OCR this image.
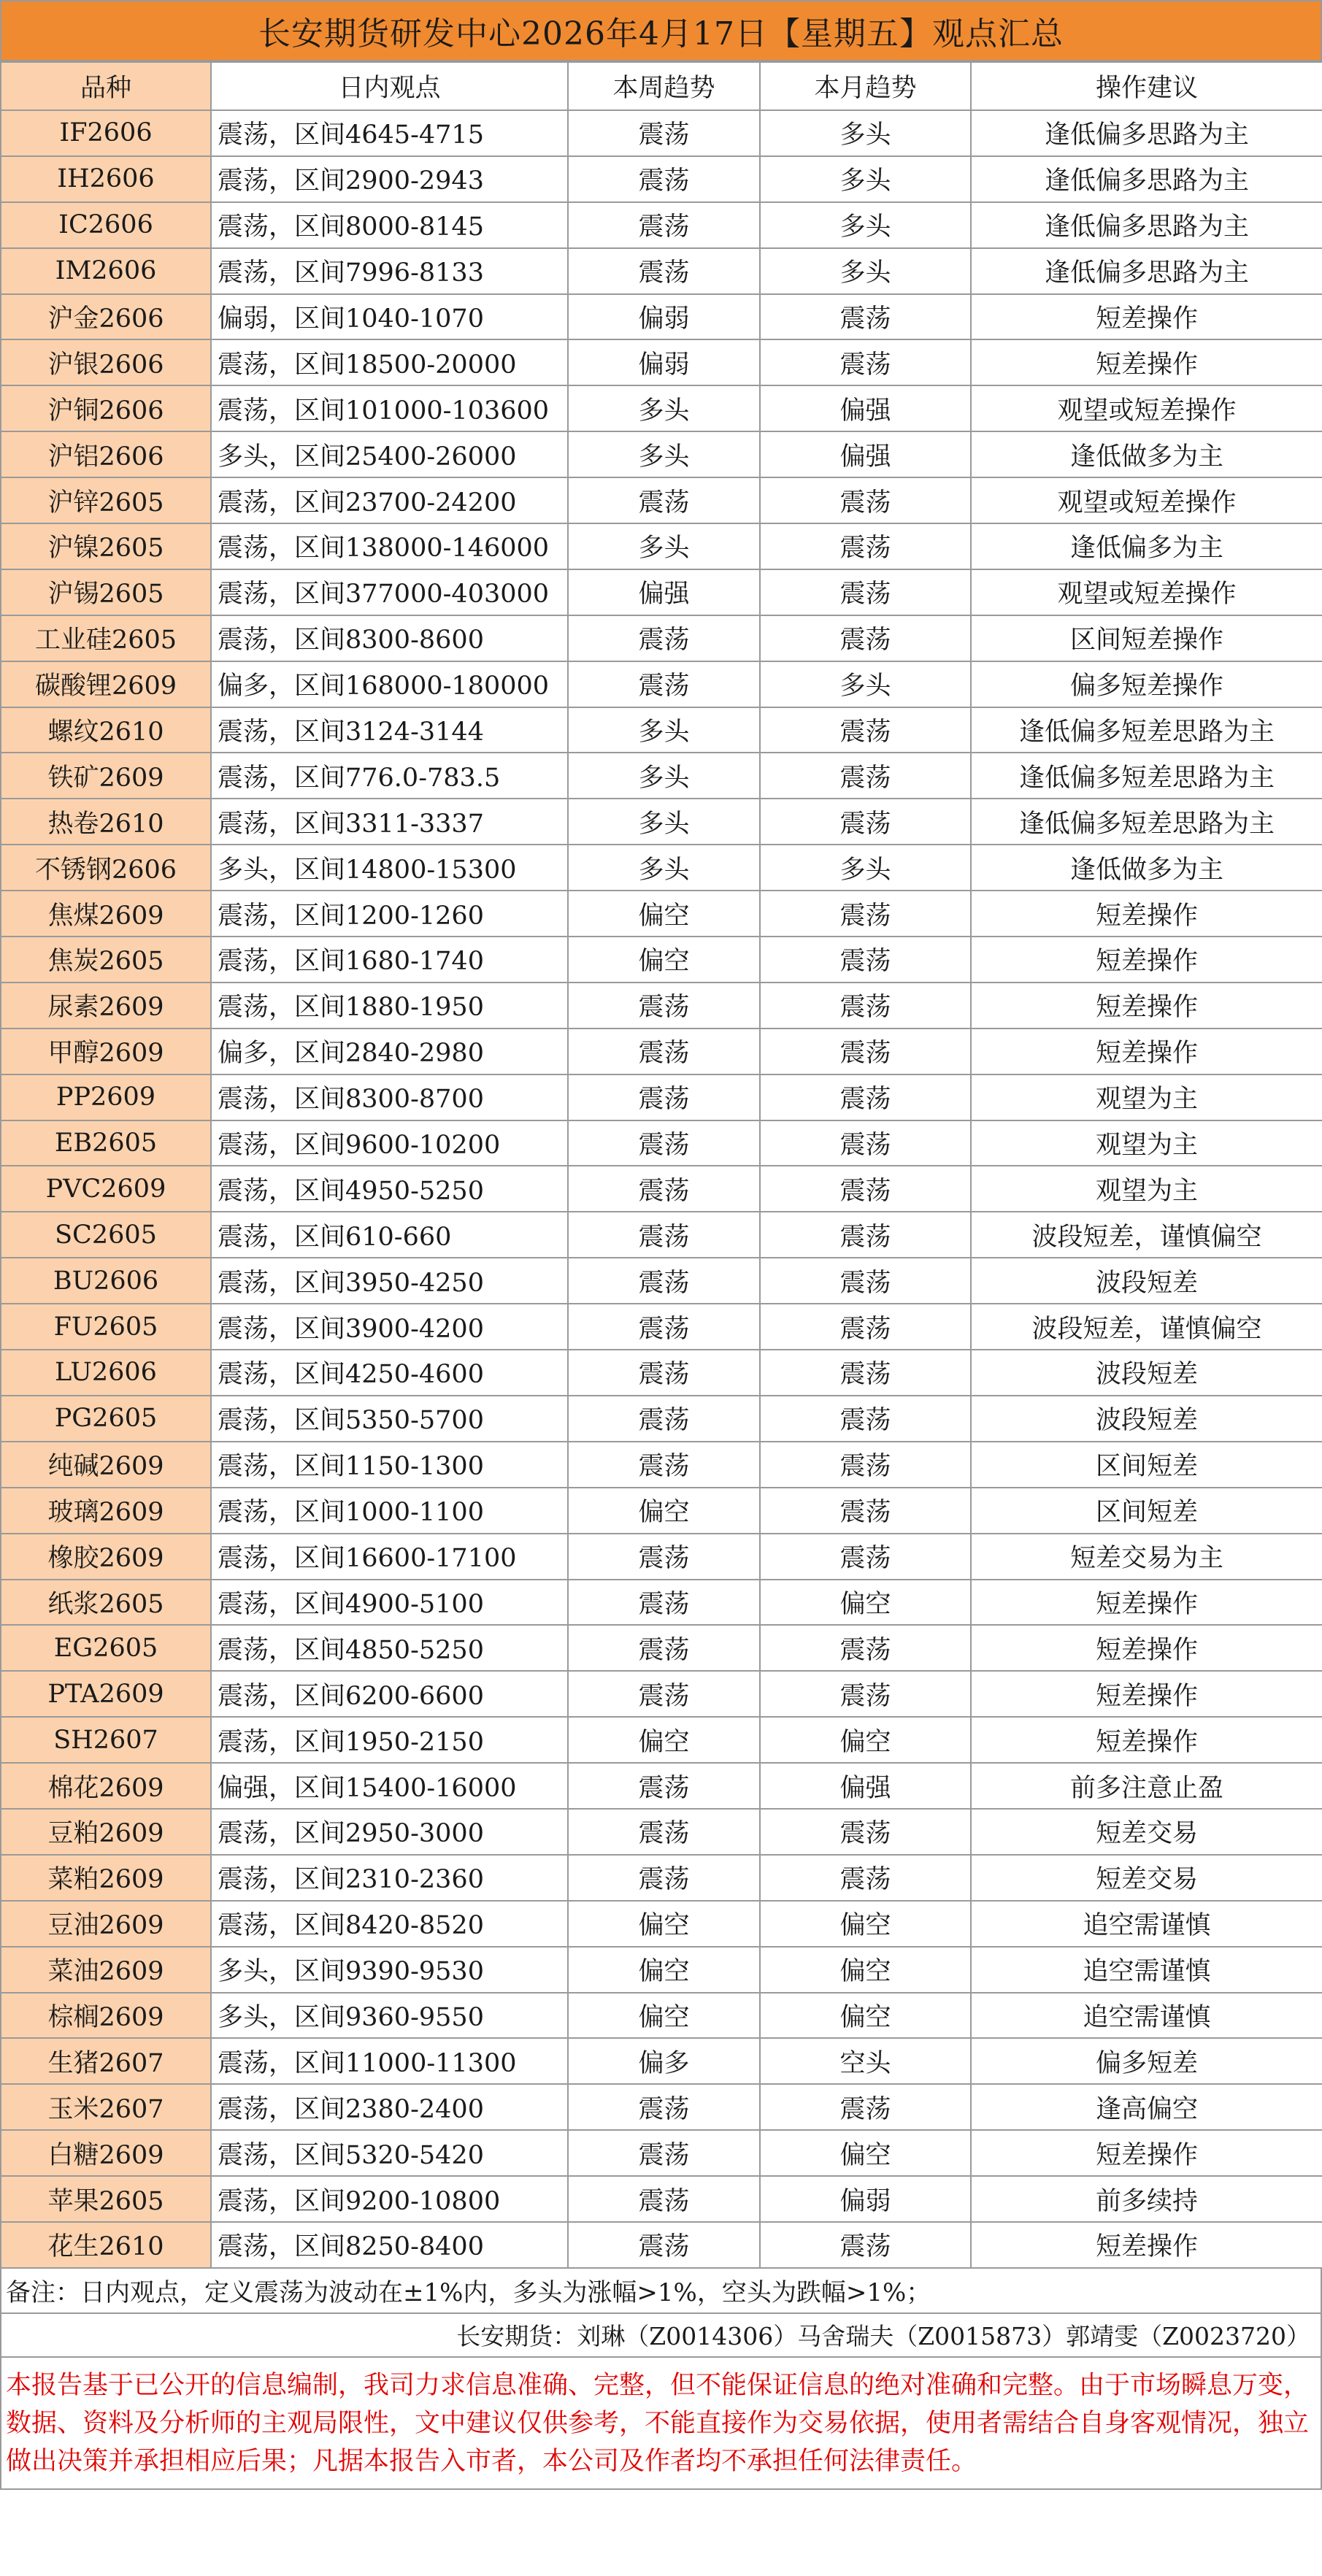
长安期货研发中心2026年4月17日【星期五】观点汇总
品种	日内观点	本周趋势	本月趋势	操作建议
IF2606	震荡，区间4645-4715	震荡	多头	逢低偏多思路为主
IH2606	震荡，区间2900-2943	震荡	多头	逢低偏多思路为主
IC2606	震荡，区间8000-8145	震荡	多头	逢低偏多思路为主
IM2606	震荡，区间7996-8133	震荡	多头	逢低偏多思路为主
沪金2606	偏弱，区间1040-1070	偏弱	震荡	短差操作
沪银2606	震荡，区间18500-20000	偏弱	震荡	短差操作
沪铜2606	震荡，区间101000-103600	多头	偏强	观望或短差操作
沪铝2606	多头，区间25400-26000	多头	偏强	逢低做多为主
沪锌2605	震荡，区间23700-24200	震荡	震荡	观望或短差操作
沪镍2605	震荡，区间138000-146000	多头	震荡	逢低偏多为主
沪锡2605	震荡，区间377000-403000	偏强	震荡	观望或短差操作
工业硅2605	震荡，区间8300-8600	震荡	震荡	区间短差操作
碳酸锂2609	偏多，区间168000-180000	震荡	多头	偏多短差操作
螺纹2610	震荡，区间3124-3144	多头	震荡	逢低偏多短差思路为主
铁矿2609	震荡，区间776.0-783.5	多头	震荡	逢低偏多短差思路为主
热卷2610	震荡，区间3311-3337	多头	震荡	逢低偏多短差思路为主
不锈钢2606	多头，区间14800-15300	多头	多头	逢低做多为主
焦煤2609	震荡，区间1200-1260	偏空	震荡	短差操作
焦炭2605	震荡，区间1680-1740	偏空	震荡	短差操作
尿素2609	震荡，区间1880-1950	震荡	震荡	短差操作
甲醇2609	偏多，区间2840-2980	震荡	震荡	短差操作
PP2609	震荡，区间8300-8700	震荡	震荡	观望为主
EB2605	震荡，区间9600-10200	震荡	震荡	观望为主
PVC2609	震荡，区间4950-5250	震荡	震荡	观望为主
SC2605	震荡，区间610-660	震荡	震荡	波段短差，谨慎偏空
BU2606	震荡，区间3950-4250	震荡	震荡	波段短差
FU2605	震荡，区间3900-4200	震荡	震荡	波段短差，谨慎偏空
LU2606	震荡，区间4250-4600	震荡	震荡	波段短差
PG2605	震荡，区间5350-5700	震荡	震荡	波段短差
纯碱2609	震荡，区间1150-1300	震荡	震荡	区间短差
玻璃2609	震荡，区间1000-1100	偏空	震荡	区间短差
橡胶2609	震荡，区间16600-17100	震荡	震荡	短差交易为主
纸浆2605	震荡，区间4900-5100	震荡	偏空	短差操作
EG2605	震荡，区间4850-5250	震荡	震荡	短差操作
PTA2609	震荡，区间6200-6600	震荡	震荡	短差操作
SH2607	震荡，区间1950-2150	偏空	偏空	短差操作
棉花2609	偏强，区间15400-16000	震荡	偏强	前多注意止盈
豆粕2609	震荡，区间2950-3000	震荡	震荡	短差交易
菜粕2609	震荡，区间2310-2360	震荡	震荡	短差交易
豆油2609	震荡，区间8420-8520	偏空	偏空	追空需谨慎
菜油2609	多头，区间9390-9530	偏空	偏空	追空需谨慎
棕榈2609	多头，区间9360-9550	偏空	偏空	追空需谨慎
生猪2607	震荡，区间11000-11300	偏多	空头	偏多短差
玉米2607	震荡，区间2380-2400	震荡	震荡	逢高偏空
白糖2609	震荡，区间5320-5420	震荡	偏空	短差操作
苹果2605	震荡，区间9200-10800	震荡	偏弱	前多续持
花生2610	震荡，区间8250-8400	震荡	震荡	短差操作
备注：日内观点，定义震荡为波动在±1%内，多头为涨幅>1%，空头为跌幅>1%；
长安期货：刘琳（Z0014306）马舍瑞夫（Z0015873）郭靖雯（Z0023720）
本报告基于已公开的信息编制，我司力求信息准确、完整，但不能保证信息的绝对准确和完整。由于市场瞬息万变，数据、资料及分析师的主观局限性，文中建议仅供参考，不能直接作为交易依据，使用者需结合自身客观情况，独立做出决策并承担相应后果；凡据本报告入市者，本公司及作者均不承担任何法律责任。
